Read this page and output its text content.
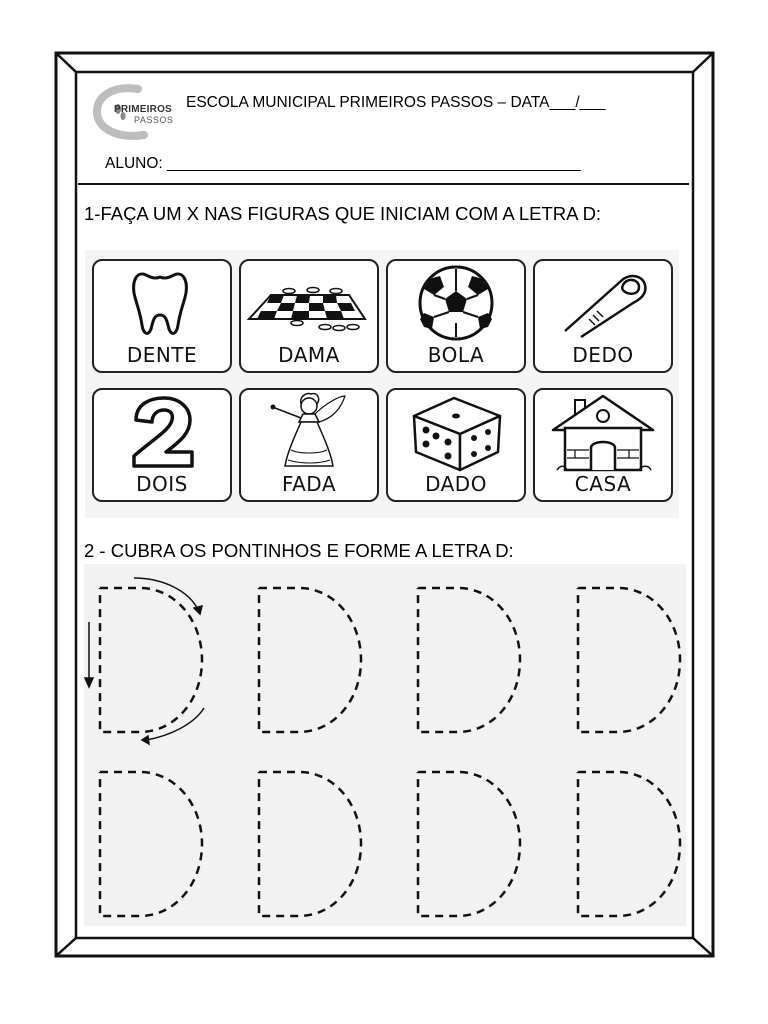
PRIMEIROS
PASSOS
ESCOLA MUNICIPAL PRIMEIROS PASSOS – DATA___/___
ALUNO: ________________________________________________
1-FAÇA UM X NAS FIGURAS QUE INICIAM COM A LETRA D:
DENTE	DAMA	BOLA	DEDO
DOIS	FADA	DADO	CASA
2 - CUBRA OS PONTINHOS E FORME A LETRA D:
